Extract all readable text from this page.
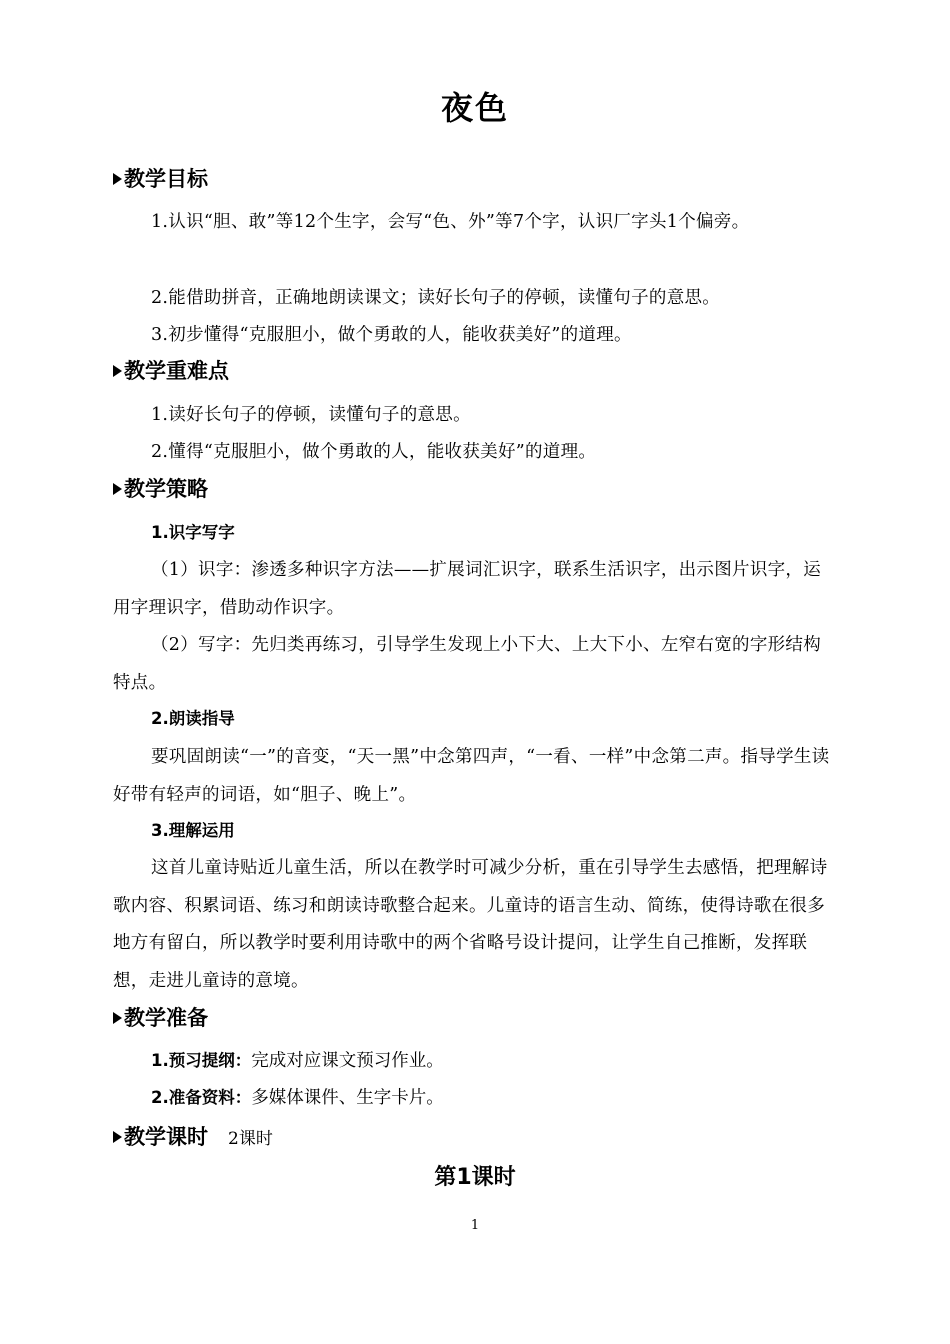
夜色
教学目标
1.认识“胆、敢”等12个生字，会写“色、外”等7个字，认识厂字头1个偏旁。
2.能借助拼音，正确地朗读课文；读好长句子的停顿，读懂句子的意思。
3.初步懂得“克服胆小，做个勇敢的人，能收获美好”的道理。
教学重难点
1.读好长句子的停顿，读懂句子的意思。
2.懂得“克服胆小，做个勇敢的人，能收获美好”的道理。
教学策略
1.识字写字
（1）识字：渗透多种识字方法——扩展词汇识字，联系生活识字，出示图片识字，运用字理识字，借助动作识字。
（2）写字：先归类再练习，引导学生发现上小下大、上大下小、左窄右宽的字形结构特点。
2.朗读指导
要巩固朗读“一”的音变，“天一黑”中念第四声，“一看、一样”中念第二声。指导学生读好带有轻声的词语，如“胆子、晚上”。
3.理解运用
这首儿童诗贴近儿童生活，所以在教学时可减少分析，重在引导学生去感悟，把理解诗歌内容、积累词语、练习和朗读诗歌整合起来。儿童诗的语言生动、简练，使得诗歌在很多地方有留白，所以教学时要利用诗歌中的两个省略号设计提问，让学生自己推断，发挥联想，走进儿童诗的意境。
教学准备
1.预习提纲：完成对应课文预习作业。
2.准备资料：多媒体课件、生字卡片。
教学课时 2课时
第1课时
1
